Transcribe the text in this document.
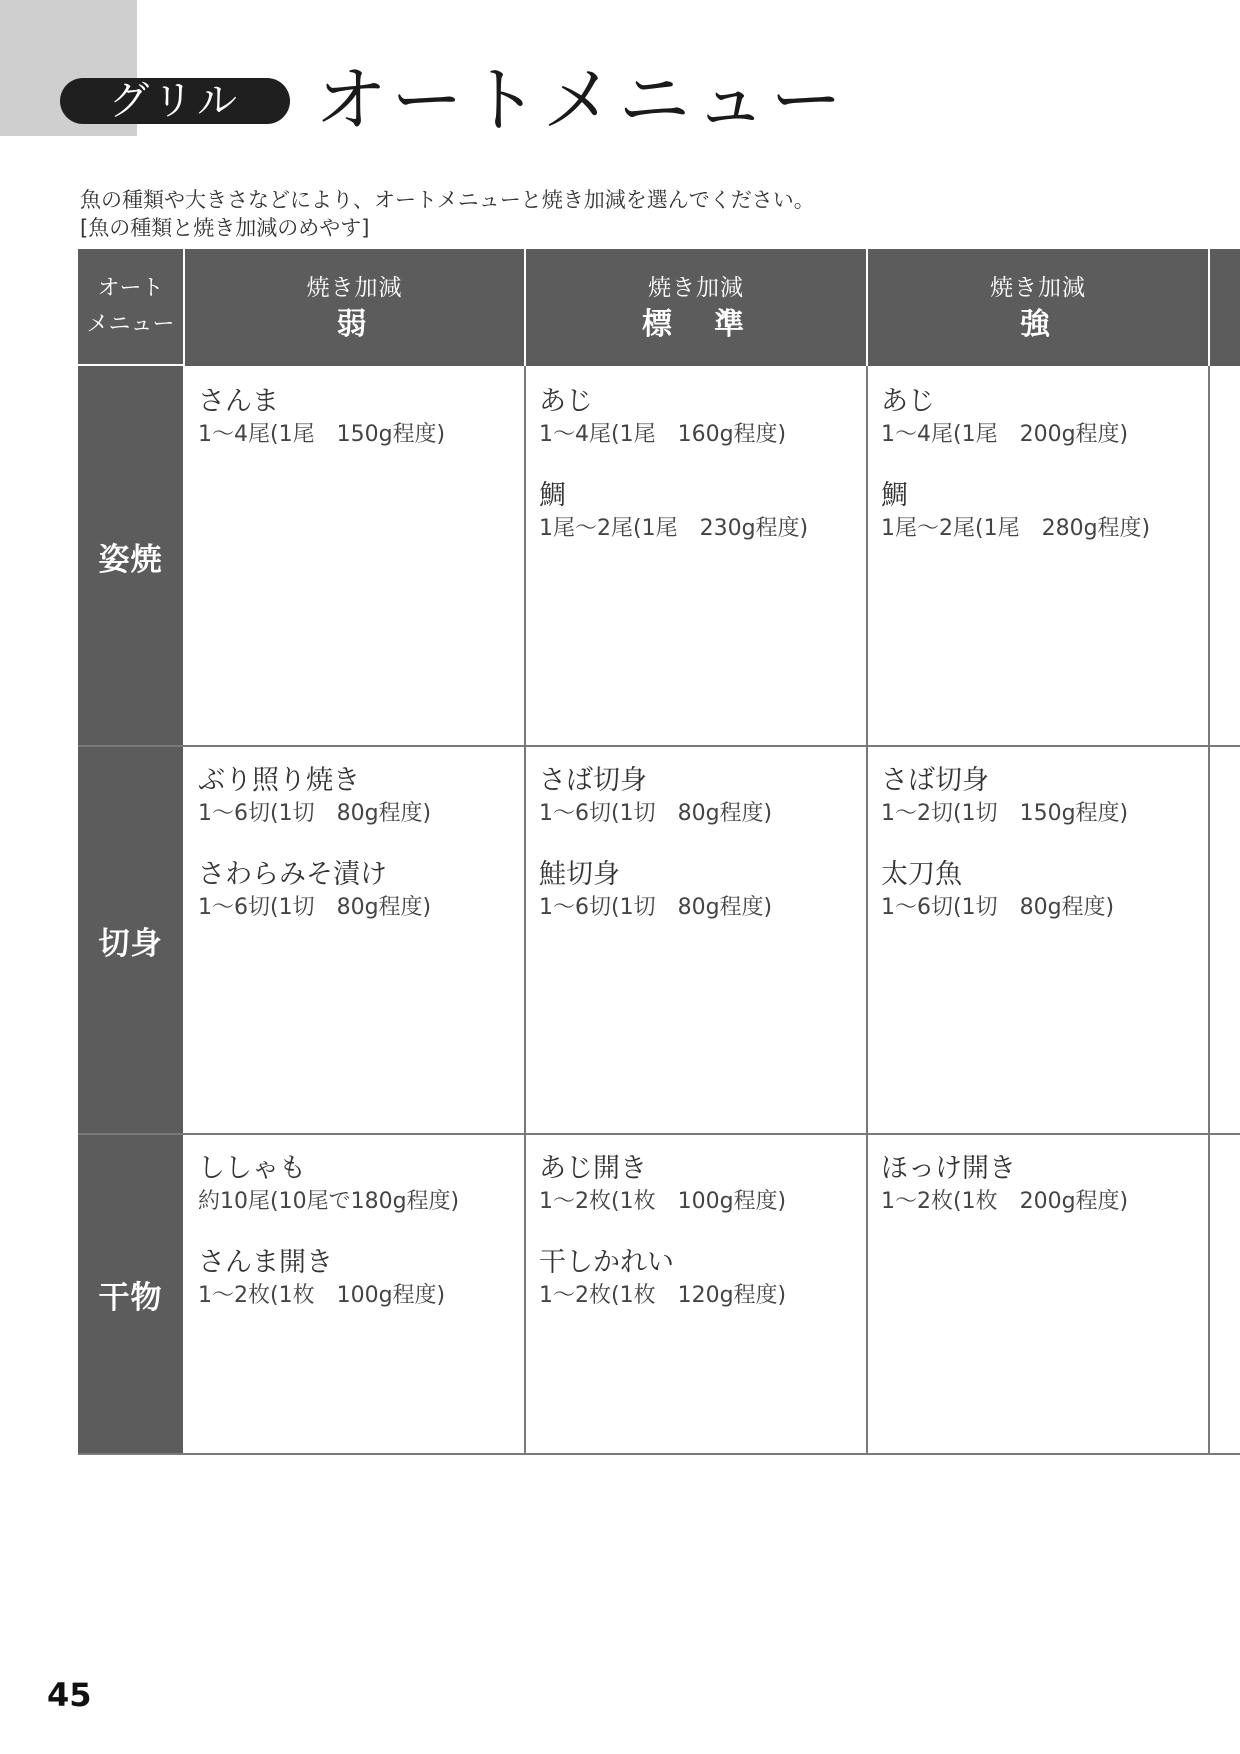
グリル	オートメニュー
魚の種類や大きさなどにより、オートメニューと焼き加減を選んでください。
[魚の種類と焼き加減のめやす]
オート
メニュー
焼き加減
弱
焼き加減
標　準
焼き加減
強
姿焼
切身
干物
さんま
1〜4尾(1尾　150g程度)
あじ
1〜4尾(1尾　160g程度)
鯛
1尾〜2尾(1尾　230g程度)
あじ
1〜4尾(1尾　200g程度)
鯛
1尾〜2尾(1尾　280g程度)
ぶり照り焼き
1〜6切(1切　80g程度)
さわらみそ漬け
1〜6切(1切　80g程度)
さば切身
1〜6切(1切　80g程度)
鮭切身
1〜6切(1切　80g程度)
さば切身
1〜2切(1切　150g程度)
太刀魚
1〜6切(1切　80g程度)
ししゃも
約10尾(10尾で180g程度)
さんま開き
1〜2枚(1枚　100g程度)
あじ開き
1〜2枚(1枚　100g程度)
干しかれい
1〜2枚(1枚　120g程度)
ほっけ開き
1〜2枚(1枚　200g程度)
45
